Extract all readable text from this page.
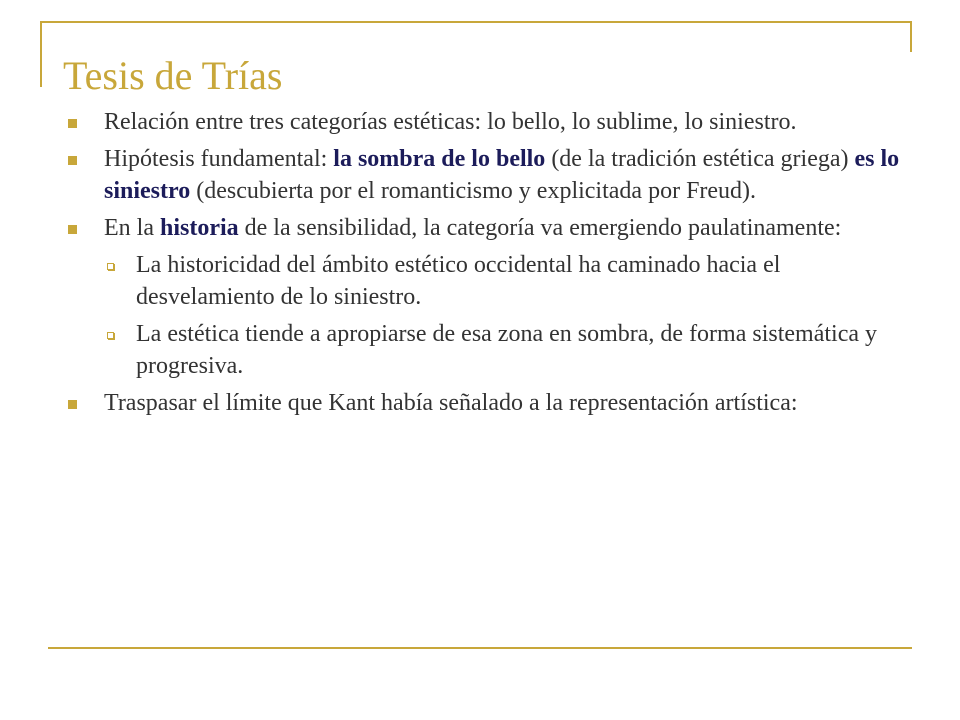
Tesis de Trías
Relación entre tres categorías estéticas: lo bello, lo sublime, lo siniestro.
Hipótesis fundamental: la sombra de lo bello (de la tradición estética griega) es lo siniestro (descubierta por el romanticismo y explicitada por Freud).
En la historia de la sensibilidad, la categoría va emergiendo paulatinamente:
La historicidad del ámbito estético occidental ha caminado hacia el desvelamiento de lo siniestro.
La estética tiende a apropiarse de esa zona en sombra, de forma sistemática y progresiva.
Traspasar el límite que Kant había señalado a la representación artística:
